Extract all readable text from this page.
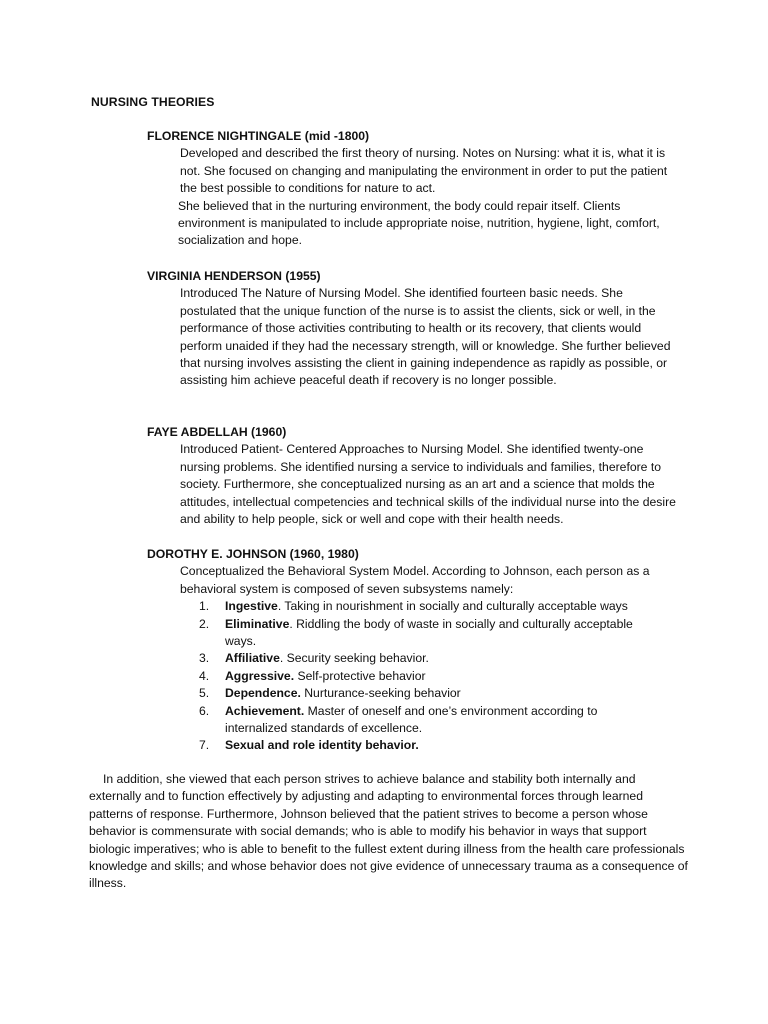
NURSING THEORIES

FLORENCE NIGHTINGALE (mid -1800)

Developed and described the first theory of nursing. Notes on Nursing: what it is, what it is not. She focused on changing and manipulating the environment in order to put the patient the best possible to conditions for nature to act.

She believed that in the nurturing environment, the body could repair itself. Clients environment is manipulated to include appropriate noise, nutrition, hygiene, light, comfort, socialization and hope.

VIRGINIA HENDERSON (1955)

Introduced The Nature of Nursing Model. She identified fourteen basic needs. She postulated that the unique function of the nurse is to assist the clients, sick or well, in the performance of those activities contributing to health or its recovery, that clients would perform unaided if they had the necessary strength, will or knowledge. She further believed that nursing involves assisting the client in gaining independence as rapidly as possible, or assisting him achieve peaceful death if recovery is no longer possible.

FAYE ABDELLAH (1960)

Introduced Patient- Centered Approaches to Nursing Model. She identified twenty-one nursing problems. She identified nursing a service to individuals and families, therefore to society. Furthermore, she conceptualized nursing as an art and a science that molds the attitudes, intellectual competencies and technical skills of the individual nurse into the desire and ability to help people, sick or well and cope with their health needs.

DOROTHY E. JOHNSON (1960, 1980)

Conceptualized the Behavioral System Model. According to Johnson, each person as a behavioral system is composed of seven subsystems namely:

1.	Ingestive. Taking in nourishment in socially and culturally acceptable ways
2.	Eliminative. Riddling the body of waste in socially and culturally acceptable ways.
3.	Affiliative. Security seeking behavior.
4.	Aggressive. Self-protective behavior
5.	Dependence. Nurturance-seeking behavior
6.	Achievement. Master of oneself and one’s environment according to internalized standards of excellence.
7.	Sexual and role identity behavior.

In addition, she viewed that each person strives to achieve balance and stability both internally and externally and to function effectively by adjusting and adapting to environmental forces through learned patterns of response. Furthermore, Johnson believed that the patient strives to become a person whose behavior is commensurate with social demands; who is able to modify his behavior in ways that support biologic imperatives; who is able to benefit to the fullest extent during illness from the health care professionals knowledge and skills; and whose behavior does not give evidence of unnecessary trauma as a consequence of illness.
